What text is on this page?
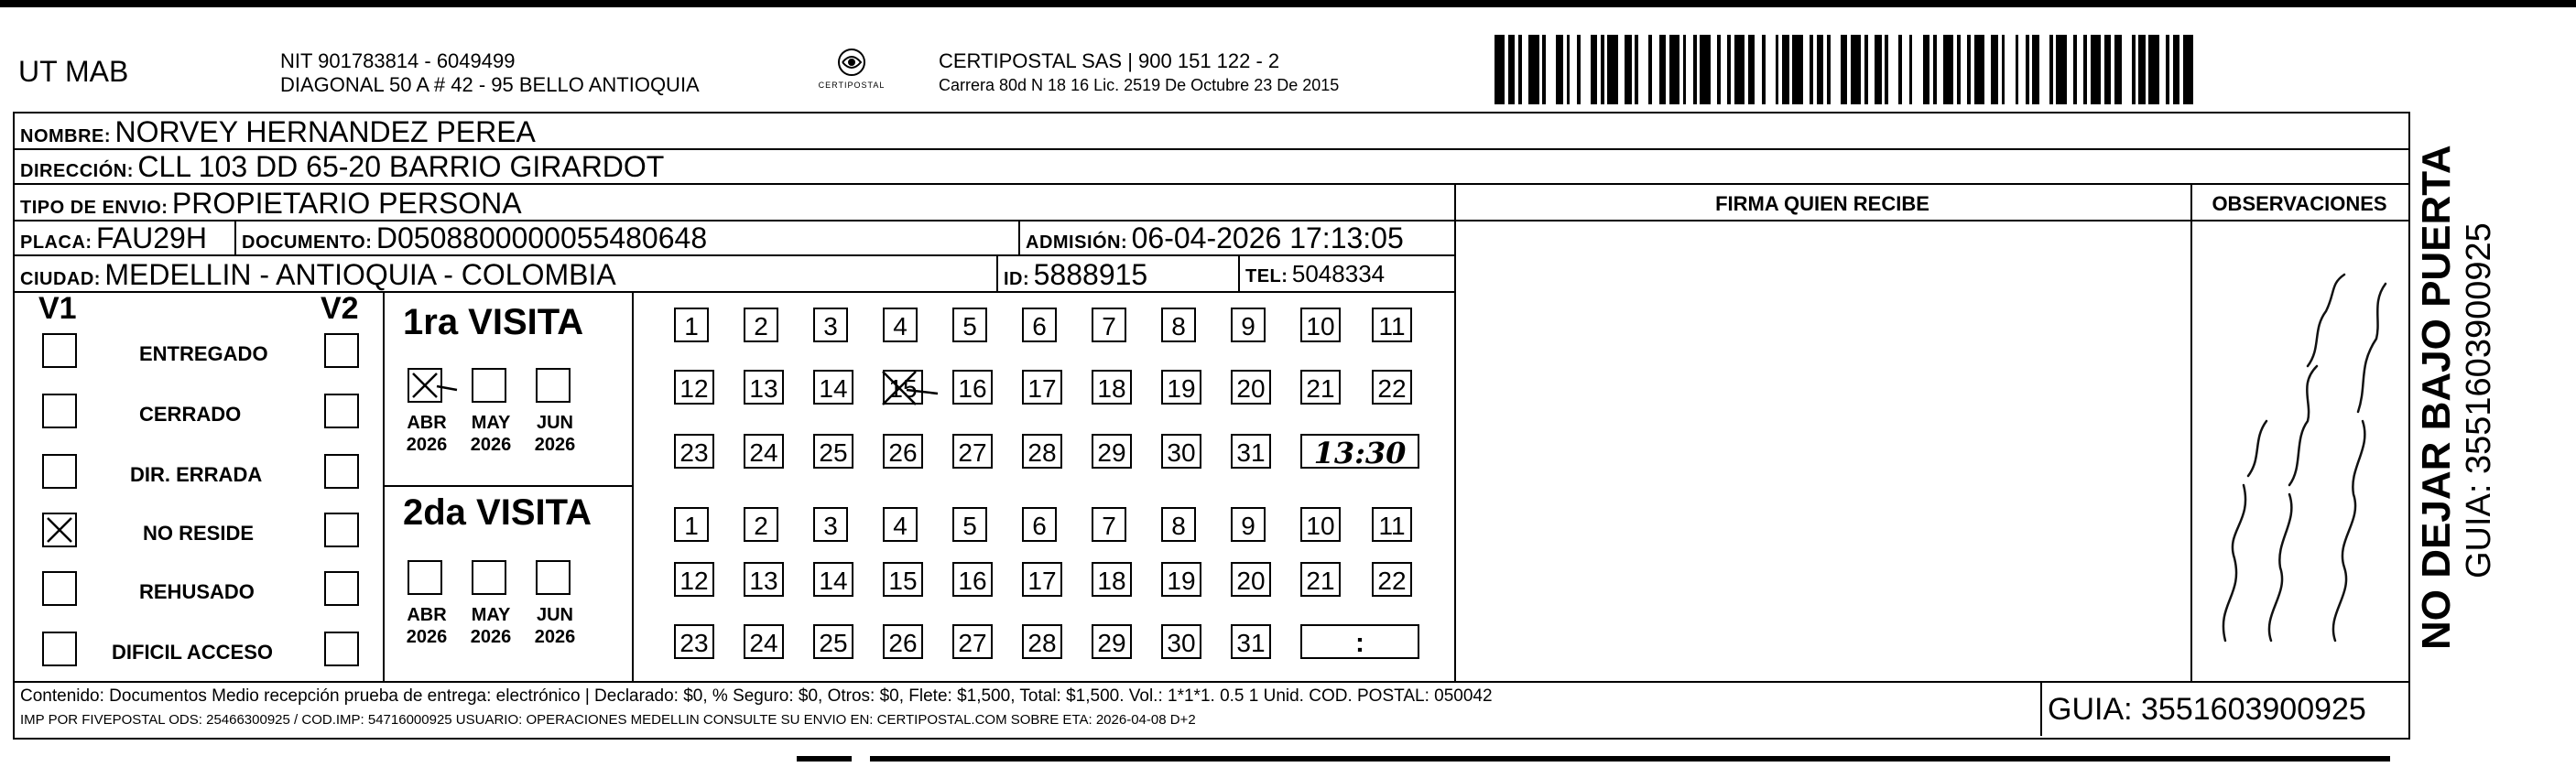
UT MAB	NIT 901783814 - 6049499
DIAGONAL 50 A # 42 - 95 BELLO ANTIOQUIA	CERTIPOSTAL
CERTIPOSTAL SAS | 900 151 122 - 2
Carrera 80d N 18 16 Lic. 2519 De Octubre 23 De 2015
NOMBRE: NORVEY HERNANDEZ PEREA
DIRECCIÓN: CLL 103 DD 65-20 BARRIO GIRARDOT
TIPO DE ENVIO: PROPIETARIO PERSONA	FIRMA QUIEN RECIBE	OBSERVACIONES
PLACA: FAU29H DOCUMENTO: D0508800000055480648	ADMISIÓN: 06-04-2026 17:13:05
CIUDAD: MEDELLIN - ANTIOQUIA - COLOMBIA	ID: 5888915	TEL: 5048334
V1	V2
ENTREGADO
CERRADO
DIR. ERRADA
NO RESIDE
REHUSADO
DIFICIL ACCESO
1ra VISITA
ABR
2026
MAY
2026
JUN
2026
1	2	3	4	5	6	7	8	9	10 11
12 13 14 15 16 17 18 19 20 21 22
23 24 25 26 27 28 29 30 31	13:30
2da VISITA
ABR
2026
MAY
2026
JUN
2026
1	2	3	4	5	6	7	8	9	10 11
12 13 14 15 16 17 18 19 20 21 22
23 24 25 26 27 28 29 30 31	:	NO DEJAR BAJO PUERTA GUIA: 3551603900925
Contenido: Documentos Medio recepción prueba de entrega: electrónico | Declarado: $0, % Seguro: $0, Otros: $0, Flete: $1,500, Total: $1,500. Vol.: 1*1*1. 0.5 1 Unid. COD. POSTAL: 050042
IMP POR FIVEPOSTAL ODS: 25466300925 / COD.IMP: 54716000925 USUARIO: OPERACIONES MEDELLIN CONSULTE SU ENVIO EN: CERTIPOSTAL.COM SOBRE ETA: 2026-04-08 D+2	GUIA: 3551603900925
